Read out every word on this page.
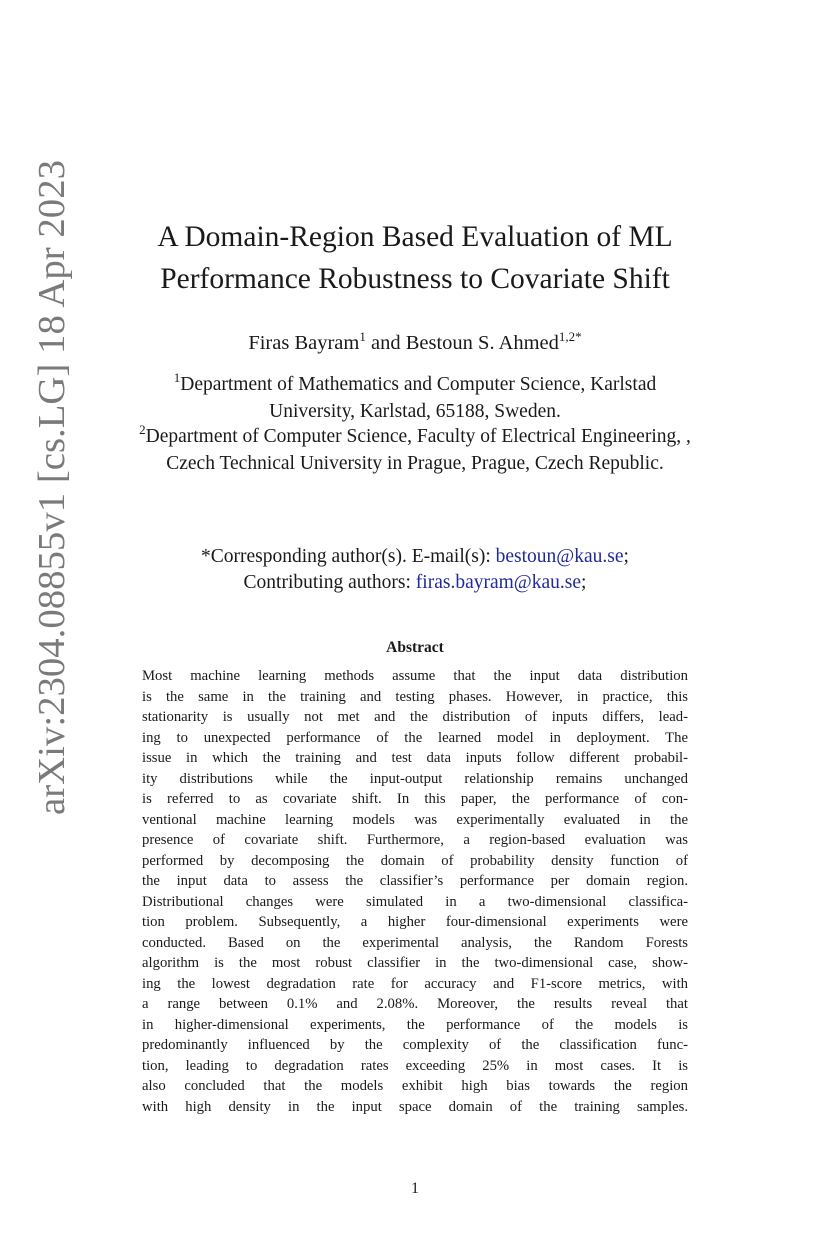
arXiv:2304.08855v1 [cs.LG] 18 Apr 2023	A Domain-Region Based Evaluation of ML
Performance Robustness to Covariate Shift
Firas Bayram$^1$ and Bestoun S. Ahmed$^{1,2*}$
$^1$Department of Mathematics and Computer Science, Karlstad University, Karlstad, 65188, Sweden.
$^2$Department of Computer Science, Faculty of Electrical Engineering, , Czech Technical University in Prague, Prague, Czech Republic.
*Corresponding author(s). E-mail(s): bestoun@kau.se;
Contributing authors: firas.bayram@kau.se;
Abstract
Most machine learning methods assume that the input data distribution
is the same in the training and testing phases. However, in practice, this
stationarity is usually not met and the distribution of inputs differs, lead-
ing to unexpected performance of the learned model in deployment. The
issue in which the training and test data inputs follow different probabil-
ity distributions while the input-output relationship remains unchanged
is referred to as covariate shift. In this paper, the performance of con-
ventional machine learning models was experimentally evaluated in the
presence of covariate shift. Furthermore, a region-based evaluation was
performed by decomposing the domain of probability density function of
the input data to assess the classifier’s performance per domain region.
Distributional changes were simulated in a two-dimensional classifica-
tion problem. Subsequently, a higher four-dimensional experiments were
conducted. Based on the experimental analysis, the Random Forests
algorithm is the most robust classifier in the two-dimensional case, show-
ing the lowest degradation rate for accuracy and F1-score metrics, with
a range between 0.1% and 2.08%. Moreover, the results reveal that
in higher-dimensional experiments, the performance of the models is
predominantly influenced by the complexity of the classification func-
tion, leading to degradation rates exceeding 25% in most cases. It is
also concluded that the models exhibit high bias towards the region
with high density in the input space domain of the training samples.
1
